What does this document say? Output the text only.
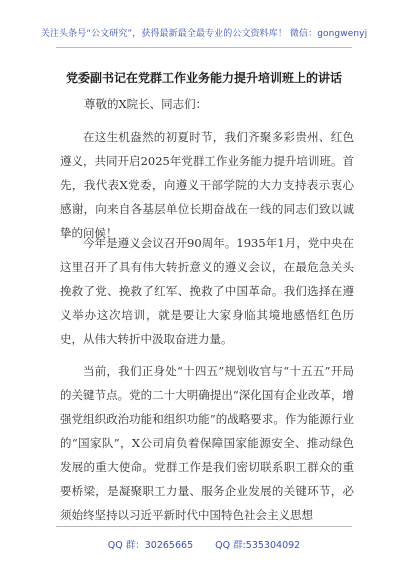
关注头条号“公文研究”，获得最新最全最专业的公文资料库！ 微信：gongwenyj
党委副书记在党群工作业务能力提升培训班上的讲话
尊敬的X院长、同志们：
在这生机盎然的初夏时节，我们齐聚多彩贵州、红色遵义，共同开启2025年党群工作业务能力提升培训班。首先，我代表X党委，向遵义干部学院的大力支持表示衷心感谢，向来自各基层单位长期奋战在一线的同志们致以诚挚的问候！
今年是遵义会议召开90周年。1935年1月，党中央在这里召开了具有伟大转折意义的遵义会议，在最危急关头挽救了党、挽救了红军、挽救了中国革命。我们选择在遵义举办这次培训，就是要让大家身临其境地感悟红色历史，从伟大转折中汲取奋进力量。
当前，我们正身处“十四五”规划收官与“十五五”开局的关键节点。党的二十大明确提出“深化国有企业改革，增强党组织政治功能和组织功能”的战略要求。作为能源行业的“国家队”，X公司肩负着保障国家能源安全、推动绿色发展的重大使命。党群工作是我们密切联系职工群众的重要桥梁，是凝聚职工力量、服务企业发展的关键环节，必须始终坚持以习近平新时代中国特色社会主义思想
QQ 群：30265665 QQ 群:535304092
